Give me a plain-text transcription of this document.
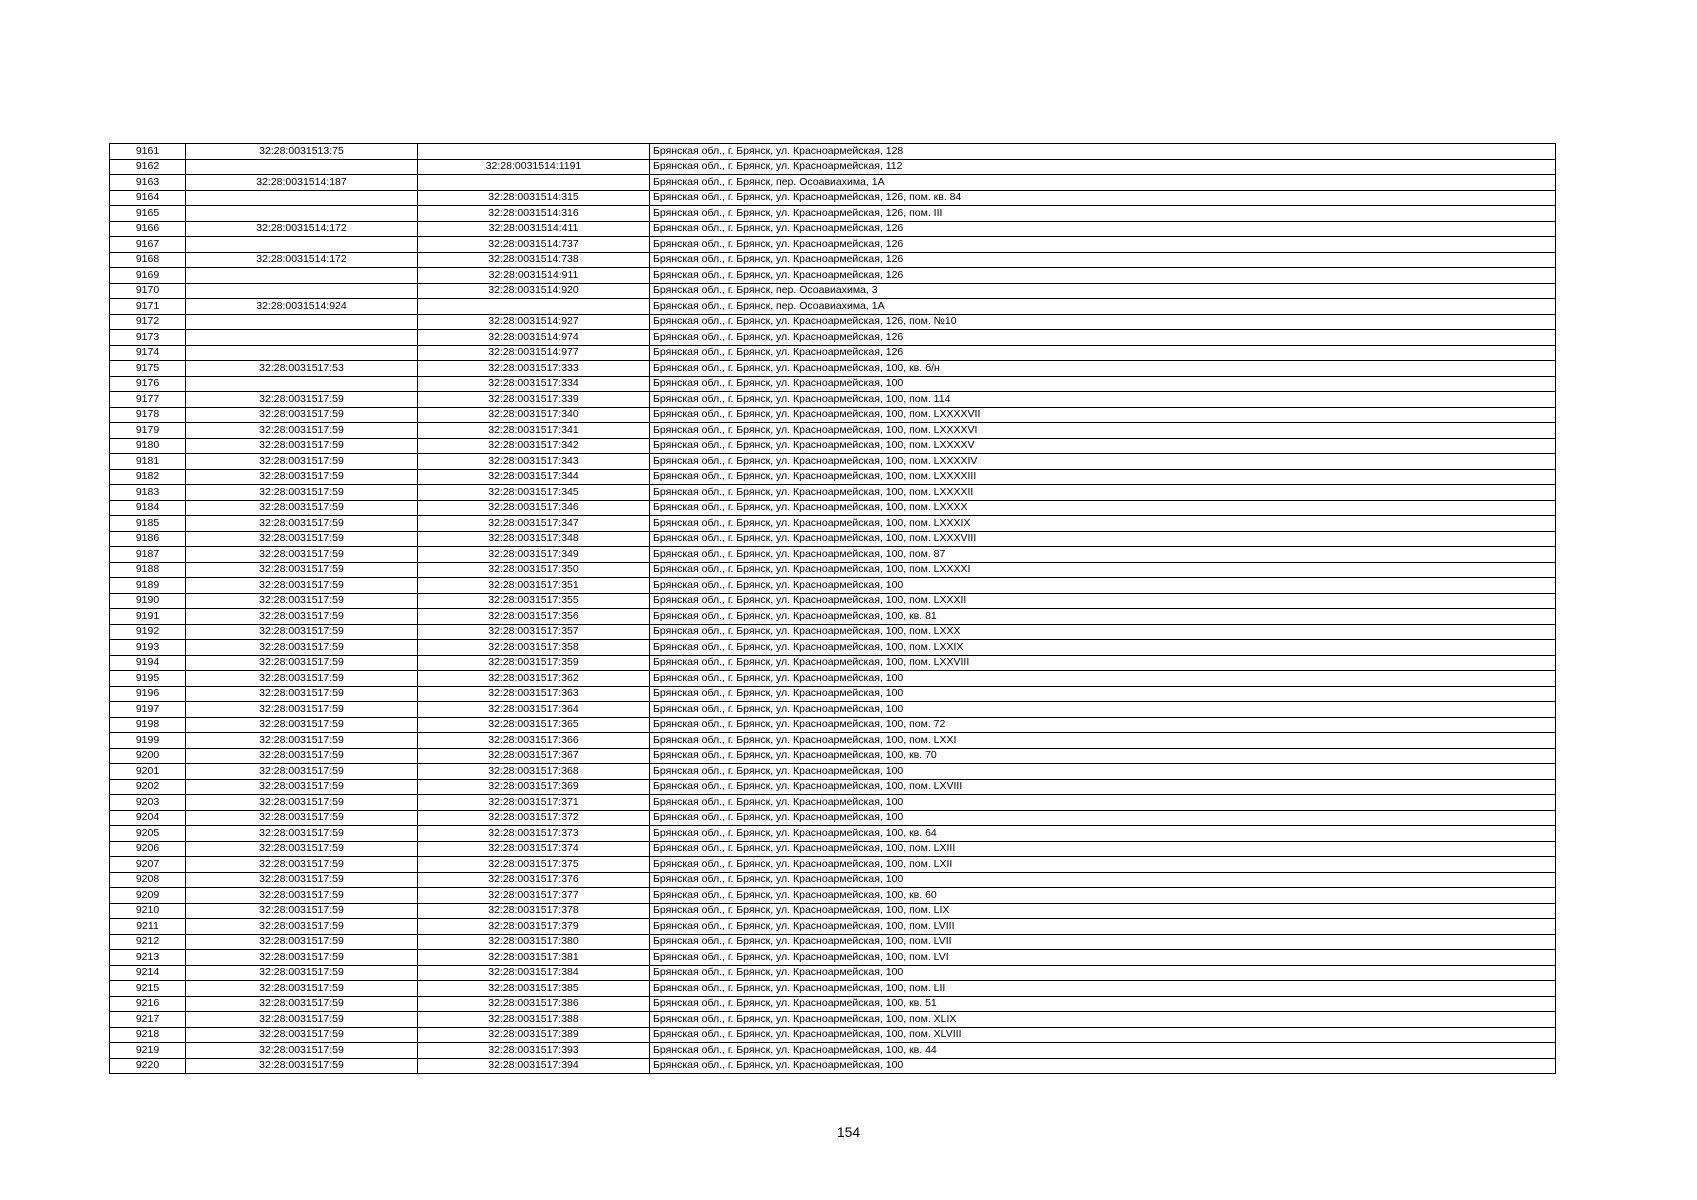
9161	32:28:0031513:75		Брянская обл., г. Брянск, ул. Красноармейская, 128
9162		32:28:0031514:1191	Брянская обл., г. Брянск, ул. Красноармейская, 112
9163	32:28:0031514:187		Брянская обл., г. Брянск, пер. Осоавиахима, 1А
9164		32:28:0031514:315	Брянская обл., г. Брянск, ул. Красноармейская, 126, пом. кв. 84
9165		32:28:0031514:316	Брянская обл., г. Брянск, ул. Красноармейская, 126, пом. III
9166	32:28:0031514:172	32:28:0031514:411	Брянская обл., г. Брянск, ул. Красноармейская, 126
9167		32:28:0031514:737	Брянская обл., г. Брянск, ул. Красноармейская, 126
9168	32:28:0031514:172	32:28:0031514:738	Брянская обл., г. Брянск, ул. Красноармейская, 126
9169		32:28:0031514:911	Брянская обл., г. Брянск, ул. Красноармейская, 126
9170		32:28:0031514:920	Брянская обл., г. Брянск, пер. Осоавиахима, 3
9171	32:28:0031514:924		Брянская обл., г. Брянск, пер. Осоавиахима, 1А
9172		32:28:0031514:927	Брянская обл., г. Брянск, ул. Красноармейская, 126, пом. №10
9173		32:28:0031514:974	Брянская обл., г. Брянск, ул. Красноармейская, 126
9174		32:28:0031514:977	Брянская обл., г. Брянск, ул. Красноармейская, 126
9175	32:28:0031517:53	32:28:0031517:333	Брянская обл., г. Брянск, ул. Красноармейская, 100, кв. б/н
9176		32:28:0031517:334	Брянская обл., г. Брянск, ул. Красноармейская, 100
9177	32:28:0031517:59	32:28:0031517:339	Брянская обл., г. Брянск, ул. Красноармейская, 100, пом. 114
9178	32:28:0031517:59	32:28:0031517:340	Брянская обл., г. Брянск, ул. Красноармейская, 100, пом. LXXXXVII
9179	32:28:0031517:59	32:28:0031517:341	Брянская обл., г. Брянск, ул. Красноармейская, 100, пом. LXXXXVI
9180	32:28:0031517:59	32:28:0031517:342	Брянская обл., г. Брянск, ул. Красноармейская, 100, пом. LXXXXV
9181	32:28:0031517:59	32:28:0031517:343	Брянская обл., г. Брянск, ул. Красноармейская, 100, пом. LXXXXIV
9182	32:28:0031517:59	32:28:0031517:344	Брянская обл., г. Брянск, ул. Красноармейская, 100, пом. LXXXXIII
9183	32:28:0031517:59	32:28:0031517:345	Брянская обл., г. Брянск, ул. Красноармейская, 100, пом. LXXXXII
9184	32:28:0031517:59	32:28:0031517:346	Брянская обл., г. Брянск, ул. Красноармейская, 100, пом. LXXXX
9185	32:28:0031517:59	32:28:0031517:347	Брянская обл., г. Брянск, ул. Красноармейская, 100, пом. LXXXIX
9186	32:28:0031517:59	32:28:0031517:348	Брянская обл., г. Брянск, ул. Красноармейская, 100, пом. LXXXVIII
9187	32:28:0031517:59	32:28:0031517:349	Брянская обл., г. Брянск, ул. Красноармейская, 100, пом. 87
9188	32:28:0031517:59	32:28:0031517:350	Брянская обл., г. Брянск, ул. Красноармейская, 100, пом. LXXXXI
9189	32:28:0031517:59	32:28:0031517:351	Брянская обл., г. Брянск, ул. Красноармейская, 100
9190	32:28:0031517:59	32:28:0031517:355	Брянская обл., г. Брянск, ул. Красноармейская, 100, пом. LXXXII
9191	32:28:0031517:59	32:28:0031517:356	Брянская обл., г. Брянск, ул. Красноармейская, 100, кв. 81
9192	32:28:0031517:59	32:28:0031517:357	Брянская обл., г. Брянск, ул. Красноармейская, 100, пом. LXXX
9193	32:28:0031517:59	32:28:0031517:358	Брянская обл., г. Брянск, ул. Красноармейская, 100, пом. LXXIX
9194	32:28:0031517:59	32:28:0031517:359	Брянская обл., г. Брянск, ул. Красноармейская, 100, пом. LXXVIII
9195	32:28:0031517:59	32:28:0031517:362	Брянская обл., г. Брянск, ул. Красноармейская, 100
9196	32:28:0031517:59	32:28:0031517:363	Брянская обл., г. Брянск, ул. Красноармейская, 100
9197	32:28:0031517:59	32:28:0031517:364	Брянская обл., г. Брянск, ул. Красноармейская, 100
9198	32:28:0031517:59	32:28:0031517:365	Брянская обл., г. Брянск, ул. Красноармейская, 100, пом. 72
9199	32:28:0031517:59	32:28:0031517:366	Брянская обл., г. Брянск, ул. Красноармейская, 100, пом. LXXI
9200	32:28:0031517:59	32:28:0031517:367	Брянская обл., г. Брянск, ул. Красноармейская, 100, кв. 70
9201	32:28:0031517:59	32:28:0031517:368	Брянская обл., г. Брянск, ул. Красноармейская, 100
9202	32:28:0031517:59	32:28:0031517:369	Брянская обл., г. Брянск, ул. Красноармейская, 100, пом. LXVIII
9203	32:28:0031517:59	32:28:0031517:371	Брянская обл., г. Брянск, ул. Красноармейская, 100
9204	32:28:0031517:59	32:28:0031517:372	Брянская обл., г. Брянск, ул. Красноармейская, 100
9205	32:28:0031517:59	32:28:0031517:373	Брянская обл., г. Брянск, ул. Красноармейская, 100, кв. 64
9206	32:28:0031517:59	32:28:0031517:374	Брянская обл., г. Брянск, ул. Красноармейская, 100, пом. LXIII
9207	32:28:0031517:59	32:28:0031517:375	Брянская обл., г. Брянск, ул. Красноармейская, 100, пом. LXII
9208	32:28:0031517:59	32:28:0031517:376	Брянская обл., г. Брянск, ул. Красноармейская, 100
9209	32:28:0031517:59	32:28:0031517:377	Брянская обл., г. Брянск, ул. Красноармейская, 100, кв. 60
9210	32:28:0031517:59	32:28:0031517:378	Брянская обл., г. Брянск, ул. Красноармейская, 100, пом. LIX
9211	32:28:0031517:59	32:28:0031517:379	Брянская обл., г. Брянск, ул. Красноармейская, 100, пом. LVIII
9212	32:28:0031517:59	32:28:0031517:380	Брянская обл., г. Брянск, ул. Красноармейская, 100, пом. LVII
9213	32:28:0031517:59	32:28:0031517:381	Брянская обл., г. Брянск, ул. Красноармейская, 100, пом. LVI
9214	32:28:0031517:59	32:28:0031517:384	Брянская обл., г. Брянск, ул. Красноармейская, 100
9215	32:28:0031517:59	32:28:0031517:385	Брянская обл., г. Брянск, ул. Красноармейская, 100, пом. LII
9216	32:28:0031517:59	32:28:0031517:386	Брянская обл., г. Брянск, ул. Красноармейская, 100, кв. 51
9217	32:28:0031517:59	32:28:0031517:388	Брянская обл., г. Брянск, ул. Красноармейская, 100, пом. XLIX
9218	32:28:0031517:59	32:28:0031517:389	Брянская обл., г. Брянск, ул. Красноармейская, 100, пом. XLVIII
9219	32:28:0031517:59	32:28:0031517:393	Брянская обл., г. Брянск, ул. Красноармейская, 100, кв. 44
9220	32:28:0031517:59	32:28:0031517:394	Брянская обл., г. Брянск, ул. Красноармейская, 100
154
